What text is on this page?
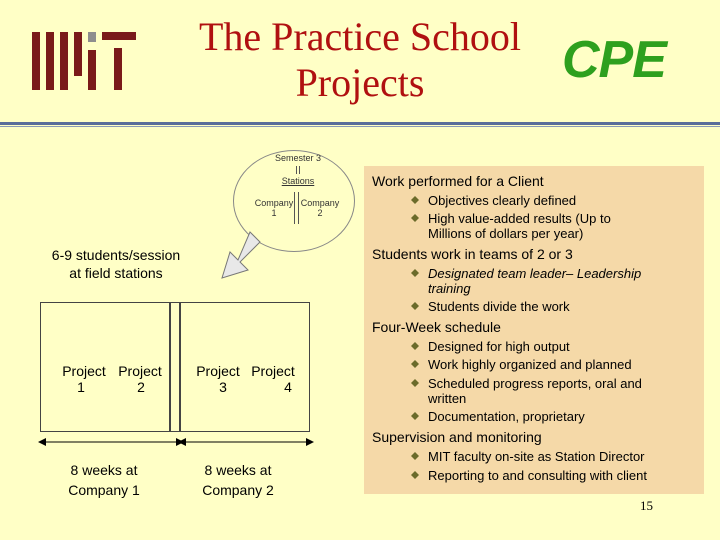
The Practice School
Projects	CPE
Semester 3
Stations
Company
1
Company
2
6-9 students/session
at field stations
Project
1
Project
2
Project
3
Project
4
8 weeks at
Company 1
8 weeks at
Company 2
Work performed for a Client
Objectives clearly defined
High value-added results (Up to
Millions of dollars per year)
Students work in teams of 2 or 3
Designated team leader– Leadership
training
Students divide the work
Four-Week schedule
Designed for high output
Work highly organized and planned
Scheduled progress reports, oral and
written
Documentation, proprietary
Supervision and monitoring
MIT faculty on-site as Station Director
Reporting to and consulting with client
15
